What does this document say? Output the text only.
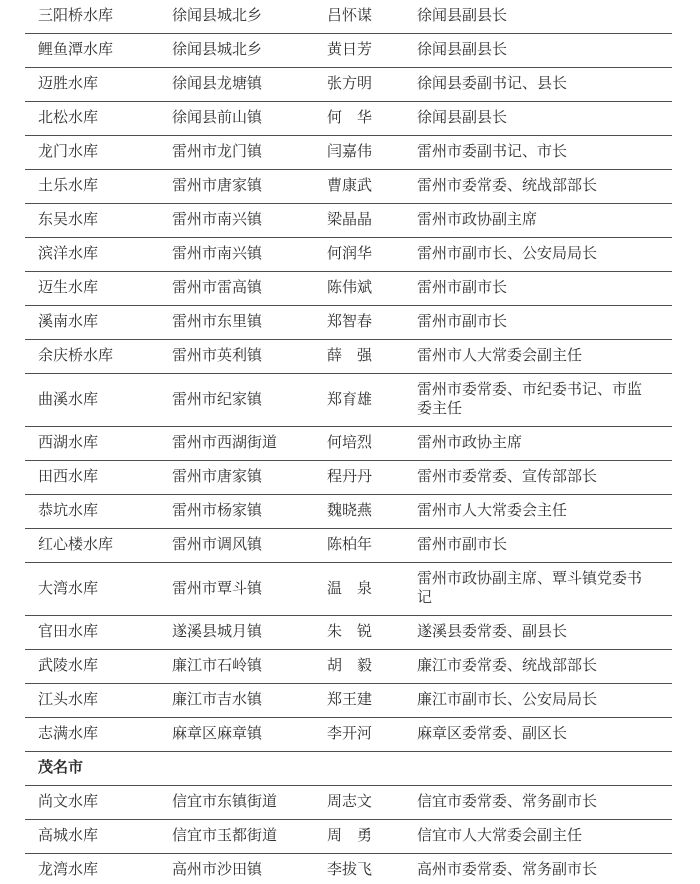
三阳桥水库	徐闻县城北乡	吕怀谋	徐闻县副县长
鲤鱼潭水库	徐闻县城北乡	黄日芳	徐闻县副县长
迈胜水库	徐闻县龙塘镇	张方明	徐闻县委副书记、县长
北松水库	徐闻县前山镇	何　华	徐闻县副县长
龙门水库	雷州市龙门镇	闫嘉伟	雷州市委副书记、市长
土乐水库	雷州市唐家镇	曹康武	雷州市委常委、统战部部长
东吴水库	雷州市南兴镇	梁晶晶	雷州市政协副主席
滨洋水库	雷州市南兴镇	何润华	雷州市副市长、公安局局长
迈生水库	雷州市雷高镇	陈伟斌	雷州市副市长
溪南水库	雷州市东里镇	郑智春	雷州市副市长
余庆桥水库	雷州市英利镇	薛　强	雷州市人大常委会副主任
曲溪水库	雷州市纪家镇	郑育雄	雷州市委常委、市纪委书记、市监委主任
西湖水库	雷州市西湖街道	何培烈	雷州市政协主席
田西水库	雷州市唐家镇	程丹丹	雷州市委常委、宣传部部长
恭坑水库	雷州市杨家镇	魏晓燕	雷州市人大常委会主任
红心楼水库	雷州市调风镇	陈柏年	雷州市副市长
大湾水库	雷州市覃斗镇	温　泉	雷州市政协副主席、覃斗镇党委书记
官田水库	遂溪县城月镇	朱　锐	遂溪县委常委、副县长
武陵水库	廉江市石岭镇	胡　毅	廉江市委常委、统战部部长
江头水库	廉江市吉水镇	郑王建	廉江市副市长、公安局局长
志满水库	麻章区麻章镇	李开河	麻章区委常委、副区长
茂名市			
尚文水库	信宜市东镇街道	周志文	信宜市委常委、常务副市长
高城水库	信宜市玉都街道	周　勇	信宜市人大常委会副主任
龙湾水库	高州市沙田镇	李拔飞	高州市委常委、常务副市长
